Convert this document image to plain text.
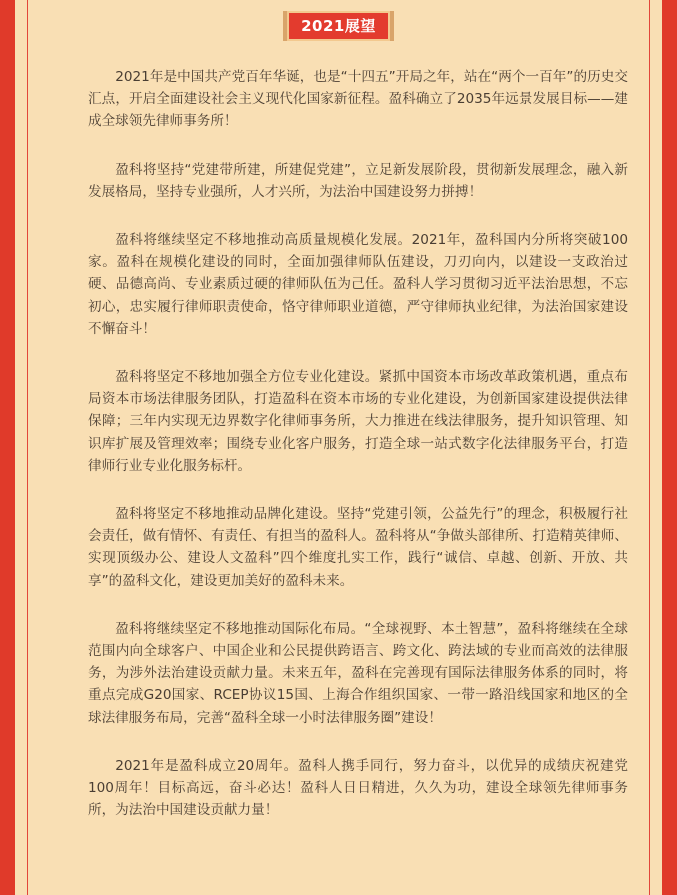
2021展望

2021年是中国共产党百年华诞，也是“十四五”开局之年，站在“两个一百年”的历史交汇点，开启全面建设社会主义现代化国家新征程。盈科确立了2035年远景发展目标——建成全球领先律师事务所！

盈科将坚持“党建带所建，所建促党建”，立足新发展阶段，贯彻新发展理念，融入新发展格局，坚持专业强所，人才兴所，为法治中国建设努力拼搏！

盈科将继续坚定不移地推动高质量规模化发展。2021年，盈科国内分所将突破100家。盈科在规模化建设的同时，全面加强律师队伍建设，刀刃向内，以建设一支政治过硬、品德高尚、专业素质过硬的律师队伍为己任。盈科人学习贯彻习近平法治思想，不忘初心，忠实履行律师职责使命，恪守律师职业道德，严守律师执业纪律，为法治国家建设不懈奋斗！

盈科将坚定不移地加强全方位专业化建设。紧抓中国资本市场改革政策机遇，重点布局资本市场法律服务团队，打造盈科在资本市场的专业化建设，为创新国家建设提供法律保障；三年内实现无边界数字化律师事务所，大力推进在线法律服务，提升知识管理、知识库扩展及管理效率；围绕专业化客户服务，打造全球一站式数字化法律服务平台，打造律师行业专业化服务标杆。

盈科将坚定不移地推动品牌化建设。坚持“党建引领，公益先行”的理念，积极履行社会责任，做有情怀、有责任、有担当的盈科人。盈科将从“争做头部律所、打造精英律师、实现顶级办公、建设人文盈科”四个维度扎实工作，践行“诚信、卓越、创新、开放、共享”的盈科文化，建设更加美好的盈科未来。

盈科将继续坚定不移地推动国际化布局。“全球视野、本土智慧”，盈科将继续在全球范围内向全球客户、中国企业和公民提供跨语言、跨文化、跨法域的专业而高效的法律服务，为涉外法治建设贡献力量。未来五年，盈科在完善现有国际法律服务体系的同时，将重点完成G20国家、RCEP协议15国、上海合作组织国家、一带一路沿线国家和地区的全球法律服务布局，完善“盈科全球一小时法律服务圈”建设！

2021年是盈科成立20周年。盈科人携手同行，努力奋斗，以优异的成绩庆祝建党100周年！目标高远，奋斗必达！盈科人日日精进，久久为功，建设全球领先律师事务所，为法治中国建设贡献力量！
